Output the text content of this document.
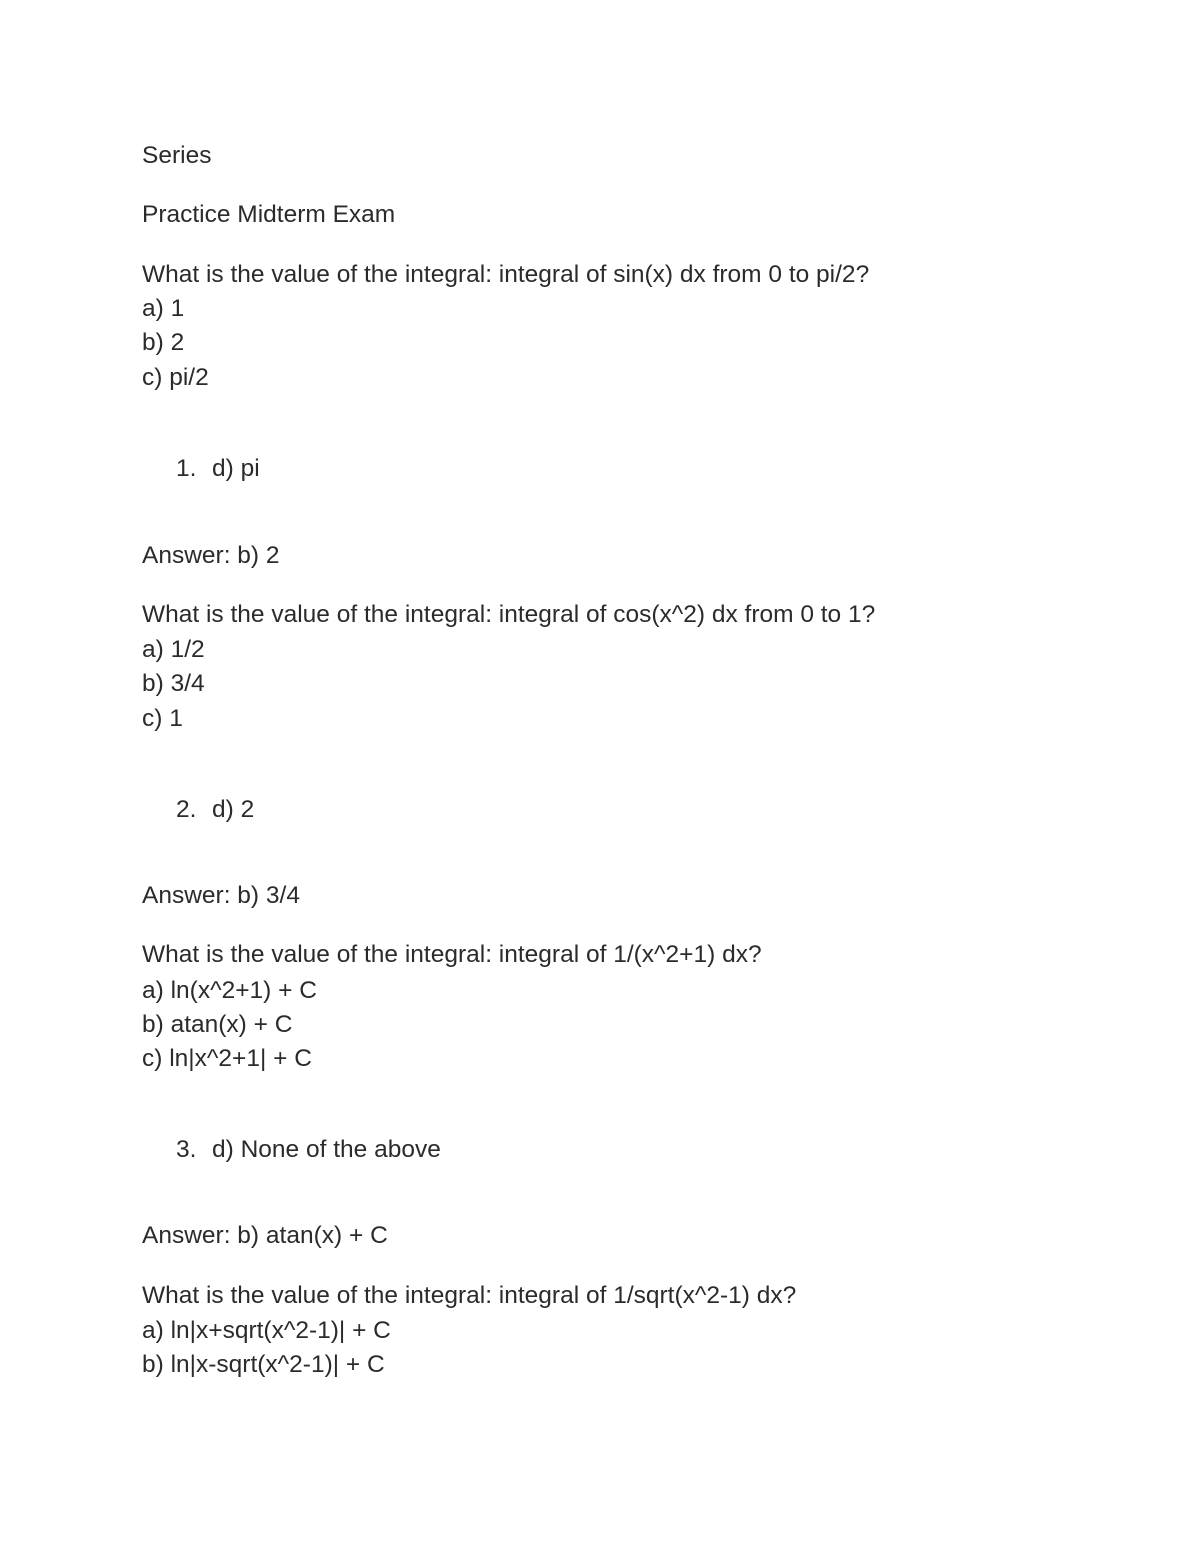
Series
Practice Midterm Exam
What is the value of the integral: integral of sin(x) dx from 0 to pi/2?
a) 1
b) 2
c) pi/2
1. d) pi
Answer: b) 2
What is the value of the integral: integral of cos(x^2) dx from 0 to 1?
a) 1/2
b) 3/4
c) 1
2. d) 2
Answer: b) 3/4
What is the value of the integral: integral of 1/(x^2+1) dx?
a) ln(x^2+1) + C
b) atan(x) + C
c) ln|x^2+1| + C
3. d) None of the above
Answer: b) atan(x) + C
What is the value of the integral: integral of 1/sqrt(x^2-1) dx?
a) ln|x+sqrt(x^2-1)| + C
b) ln|x-sqrt(x^2-1)| + C
